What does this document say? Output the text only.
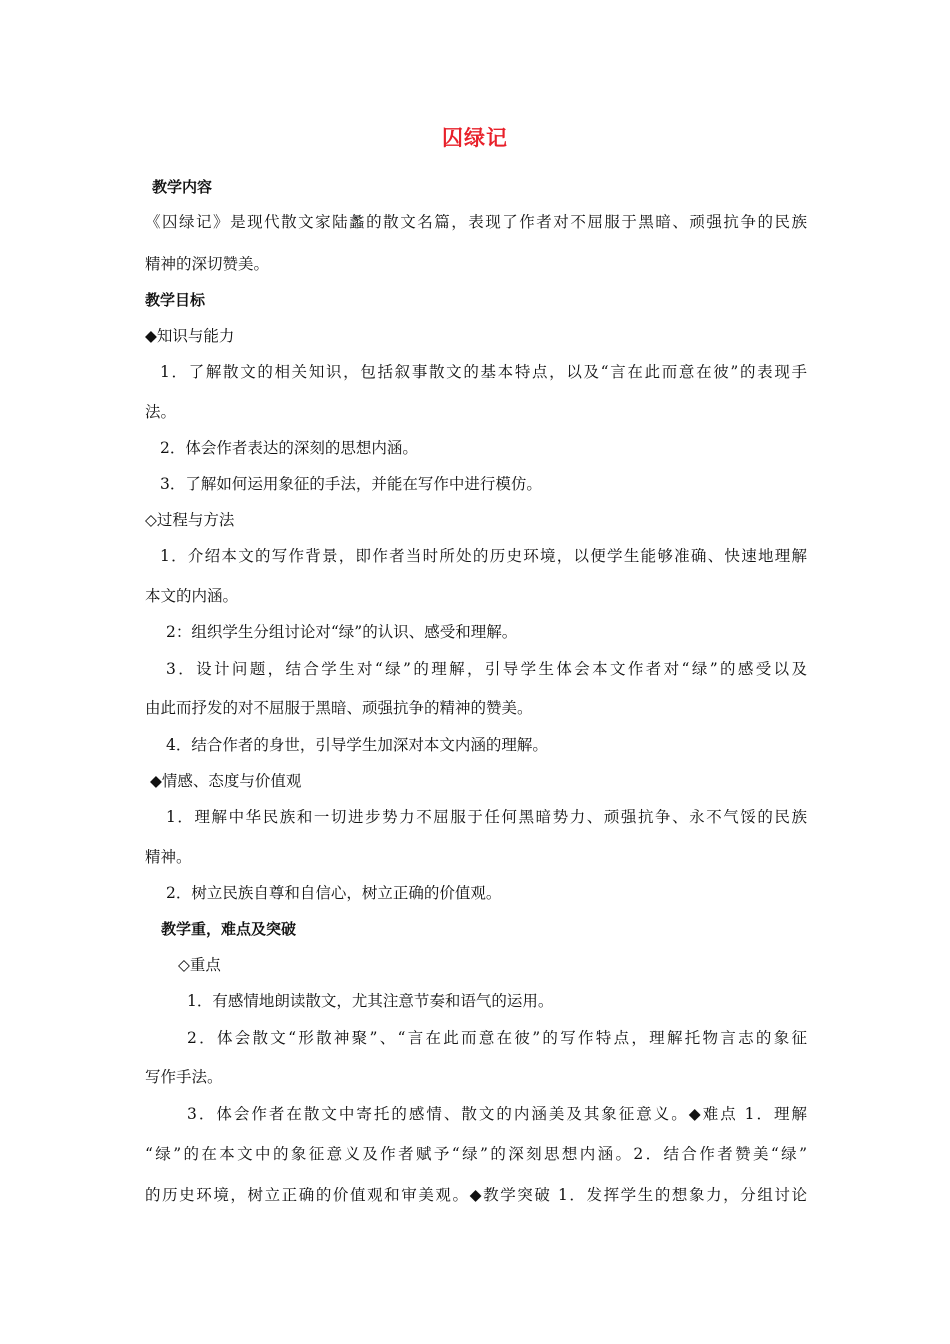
囚绿记
教学内容
《囚绿记》是现代散文家陆蠡的散文名篇，表现了作者对不屈服于黑暗、顽强抗争的民族
精神的深切赞美。
教学目标
◆知识与能力
1．了解散文的相关知识，包括叙事散文的基本特点，以及“言在此而意在彼”的表现手
法。
2．体会作者表达的深刻的思想内涵。
3．了解如何运用象征的手法，并能在写作中进行模仿。
◇过程与方法
1．介绍本文的写作背景，即作者当时所处的历史环境，以便学生能够准确、快速地理解
本文的内涵。
2：组织学生分组讨论对“绿”的认识、感受和理解。
3．设计问题，结合学生对“绿”的理解，引导学生体会本文作者对“绿”的感受以及
由此而抒发的对不屈服于黑暗、顽强抗争的精神的赞美。
4．结合作者的身世，引导学生加深对本文内涵的理解。
◆情感、态度与价值观
1．理解中华民族和一切进步势力不屈服于任何黑暗势力、顽强抗争、永不气馁的民族
精神。
2．树立民族自尊和自信心，树立正确的价值观。
教学重，难点及突破
◇重点
1．有感情地朗读散文，尤其注意节奏和语气的运用。
2．体会散文“形散神聚”、“言在此而意在彼”的写作特点，理解托物言志的象征
写作手法。
3．体会作者在散文中寄托的感情、散文的内涵美及其象征意义。◆难点 1．理解
“绿”的在本文中的象征意义及作者赋予“绿”的深刻思想内涵。2．结合作者赞美“绿”
的历史环境，树立正确的价值观和审美观。◆教学突破 1．发挥学生的想象力，分组讨论
